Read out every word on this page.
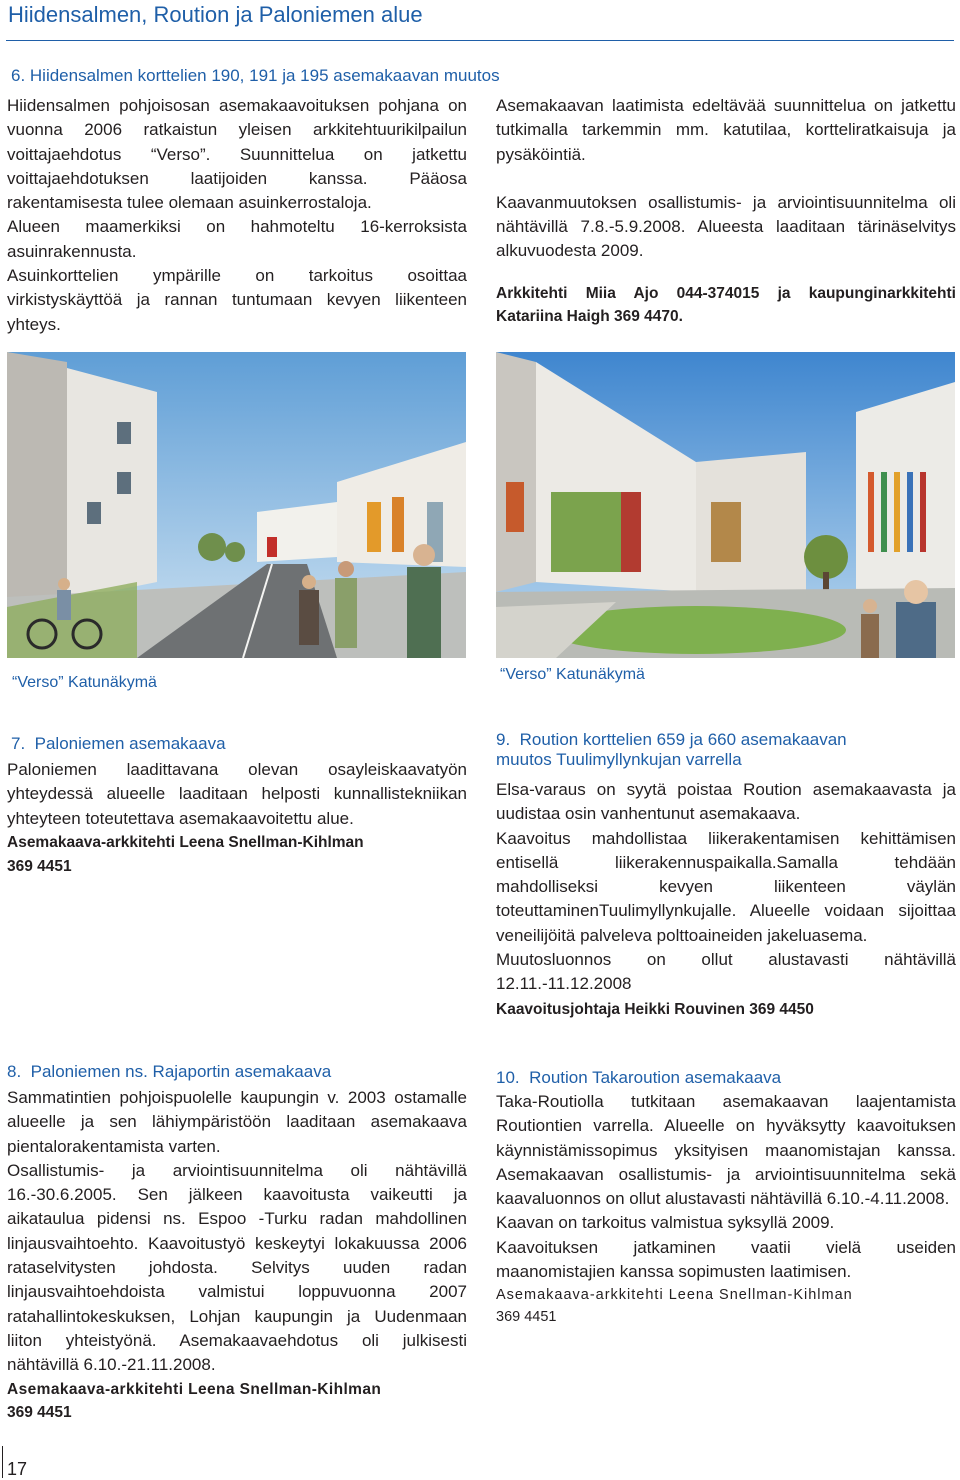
Hiidensalmen, Roution ja Paloniemen alue
6. Hiidensalmen korttelien 190, 191 ja 195 asemakaavan muutos

Hiidensalmen pohjoisosan asemakaavoituksen pohjana on vuonna 2006 ratkaistun yleisen arkkitehtuurikilpailun voittajaehdotus “Verso”. Suunnittelua on jatkettu voittajaehdotuksen laatijoiden kanssa. Pääosa rakentamisesta tulee olemaan asuinkerrostaloja.

Alueen maamerkiksi on hahmoteltu 16-kerroksista asuinrakennusta.

Asuinkorttelien ympärille on tarkoitus osoittaa virkistyskäyttöä ja rannan tuntumaan kevyen liikenteen yhteys.

Asemakaavan laatimista edeltävää suunnittelua on jatkettu tutkimalla tarkemmin mm. katutilaa, kortteliratkaisuja ja pysäköintiä.

Kaavanmuutoksen osallistumis- ja arviointisuunnitelma oli nähtävillä 7.8.-5.9.2008. Alueesta laaditaan tärinäselvitys alkuvuodesta 2009.

Arkkitehti Miia Ajo 044-374015 ja kaupunginarkkitehti Katariina Haigh 369 4470.

“Verso” Katunäkymä	“Verso” Katunäkymä
7. Paloniemen asemakaava

Paloniemen laadittavana olevan osayleiskaavatyön yhteydessä alueelle laaditaan helposti kunnallistekniikan yhteyteen toteutettava asemakaavoitettu alue.

Asemakaava-arkkitehti Leena Snellman-Kihlman

369 4451

8. Paloniemen ns. Rajaportin asemakaava

Sammatintien pohjoispuolelle kaupungin v. 2003 ostamalle alueelle ja sen lähiympäristöön laaditaan asemakaava pientalorakentamista varten.

Osallistumis- ja arviointisuunnitelma oli nähtävillä 16.-30.6.2005. Sen jälkeen kaavoitusta vaikeutti ja aikataulua pidensi ns. Espoo -Turku radan mahdollinen linjausvaihtoehto. Kaavoitustyö keskeytyi lokakuussa 2006 rataselvitysten johdosta. Selvitys uuden radan linjausvaihtoehdoista valmistui loppuvuonna 2007 ratahallintokeskuksen, Lohjan kaupungin ja Uudenmaan liiton yhteistyönä. Asemakaavaehdotus oli julkisesti nähtävillä 6.10.-21.11.2008.

Asemakaava-arkkitehti Leena Snellman-Kihlman

369 4451

9. Roution korttelien 659 ja 660 asemakaavan
muutos Tuulimyllynkujan varrella

Elsa-varaus on syytä poistaa Roution asemakaavasta ja uudistaa osin vanhentunut asemakaava.

Kaavoitus mahdollistaa liikerakentamisen kehittämisen entisellä liikerakennuspaikalla.Samalla tehdään mahdolliseksi kevyen liikenteen väylän toteuttaminenTuulimyllynkujalle. Alueelle voidaan sijoittaa veneilijöitä palveleva polttoaineiden jakeluasema.

Muutosluonnos on ollut alustavasti nähtävillä 12.11.-11.12.2008

Kaavoitusjohtaja Heikki Rouvinen 369 4450

10. Roution Takaroution asemakaava

Taka-Routiolla tutkitaan asemakaavan laajentamista Routiontien varrella. Alueelle on hyväksytty kaavoituksen käynnistämissopimus yksityisen maanomistajan kanssa. Asemakaavan osallistumis- ja arviointisuunnitelma sekä kaavaluonnos on ollut alustavasti nähtävillä 6.10.-4.11.2008.

Kaavan on tarkoitus valmistua syksyllä 2009.

Kaavoituksen jatkaminen vaatii vielä useiden maanomistajien kanssa sopimusten laatimisen.

Asemakaava-arkkitehti Leena Snellman-Kihlman

369 4451

17
